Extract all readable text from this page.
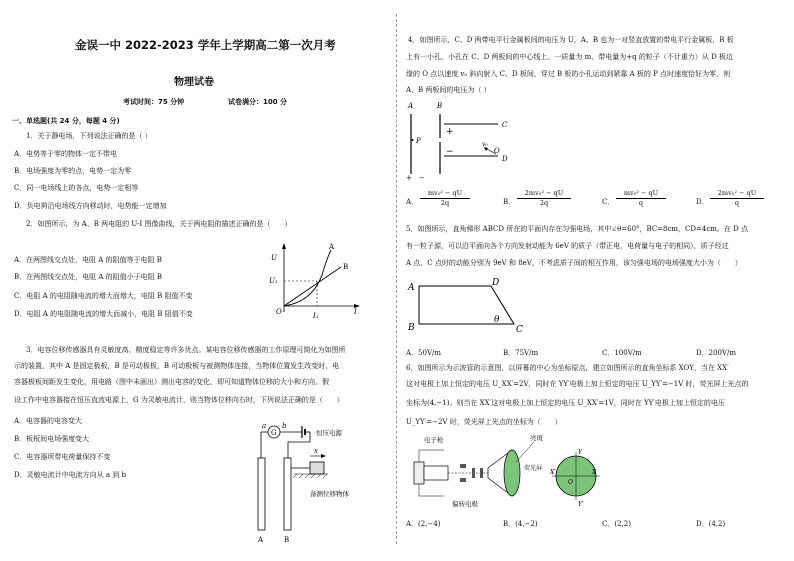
金误一中 2022-2023 学年上学期高二第一次月考
物理试卷
考试时间：75 分钟	试卷满分：100 分
一、单选题(共 24 分，每题 4 分)
1．关于静电场，下列说法正确的是（ ）
A．电势等于零的物体一定不带电
B．电场强度为零的点，电势一定为零
C．同一电场线上的各点，电势一定相等
D．负电荷沿电场线方向移动时，电势能一定增加
2．如图所示，为 A、B 两电阻的 U-I 图像曲线，关于两电阻的描述正确的是（　　）
A．在两图线交点处，电阻 A 的阻值等于电阻 B
B．在两图线交点处，电阻 A 的阻值小于电阻 B
C．电阻 A 的电阻随电流的增大而增大，电阻 B 阻值不变
D．电阻 A 的电阻随电流的增大而减小，电阻 B 阻值不变
A
B
U
U₁
I
I₁
O
3．电容位移传感器具有灵敏度高、精度稳定等许多优点。某电容位移传感器的工作原理可简化为如图所
示的装置，其中 A 是固定极板，B 是可动极板，B 可动极板与被测物体连接，当物体位置发生改变时，电
容器极板间距发生变化，用电路（图中未画出）测出电容的变化，即可知道物体位移的大小和方向。假
设工作中电容器接在恒压直流电源上，G 为灵敏电流计，则当物体位移向右时，下列说法正确的是（　　）
A．电容器的电容变大
B．板板间电场强度变大
C．电容器所带电荷量保持不变
D．灵敏电流计中电流方向从 a 到 b
G
a b
恒压电源
x
备测位移物体
A	B
4．如图所示，C、D 两带电平行金属板间的电压为 U，A、B 也为一对竖直放置的带电平行金属板，B 板
上有一小孔，小孔在 C、D 两板间的中心线上。一质量为 m、带电量为+q 的粒子（不计重力）从 D 板边
缘的 O 点以速度 v₀ 斜向射入 C、D 板间，穿过 B 板的小孔运动到紧靠 A 板的 P 点时速度恰好为零，则
A、B 两板间的电压为（ ）
A	B
P
C
D
+
−	O
v₀
+　−
A． $\frac{\text{mv₀² − qU}}{2q}$	B． $\frac{\text{2mv₀² − qU}}{2q}$	C． $\frac{\text{mv₀² − qU}}{q}$	D． $\frac{\text{2mv₀² − qU}}{q}$
5．如图所示，直角梯形 ABCD 所在的平面内存在匀强电场，其中∠θ=60°，BC=8cm，CD=4cm。在 D 点
有一粒子源，可以沿平面向各个方向发射动能为 6eV 的质子（带正电，电荷量与电子的相同），质子经过
A 点、C 点时的动能分别为 9eV 和 8eV，不考虑质子间的相互作用，该匀强电场的电场强度大小为（　　）
A	D
B	C
θ
A．50V/m	B．75V/m	C．100V/m	D．200V/m
6．如图所示为示波管的示意图，以屏幕的中心为坐标原点，建立如图所示的直角坐标系 XOY，当在 XX′
这对电极上加上恒定的电压 U_XX′=2V，同时在 YY′电极上加上恒定的电压 U_YY′=−1V 时，荧光屏上光点的
坐标为(4,−1)。则当在 XX′这对电极上加上恒定的电压 U_XX′=1V，同时在 YY′电极上加上恒定的电压
U_YY′=−2V 时，荧光屏上光点的坐标为（　　）
电子枪
偏转电极
荧光屏
亮斑
Y
Y′
X
X′
O
A．(2,−4)	B．(4,−2)	C．(2,2)	D．(4,2)
